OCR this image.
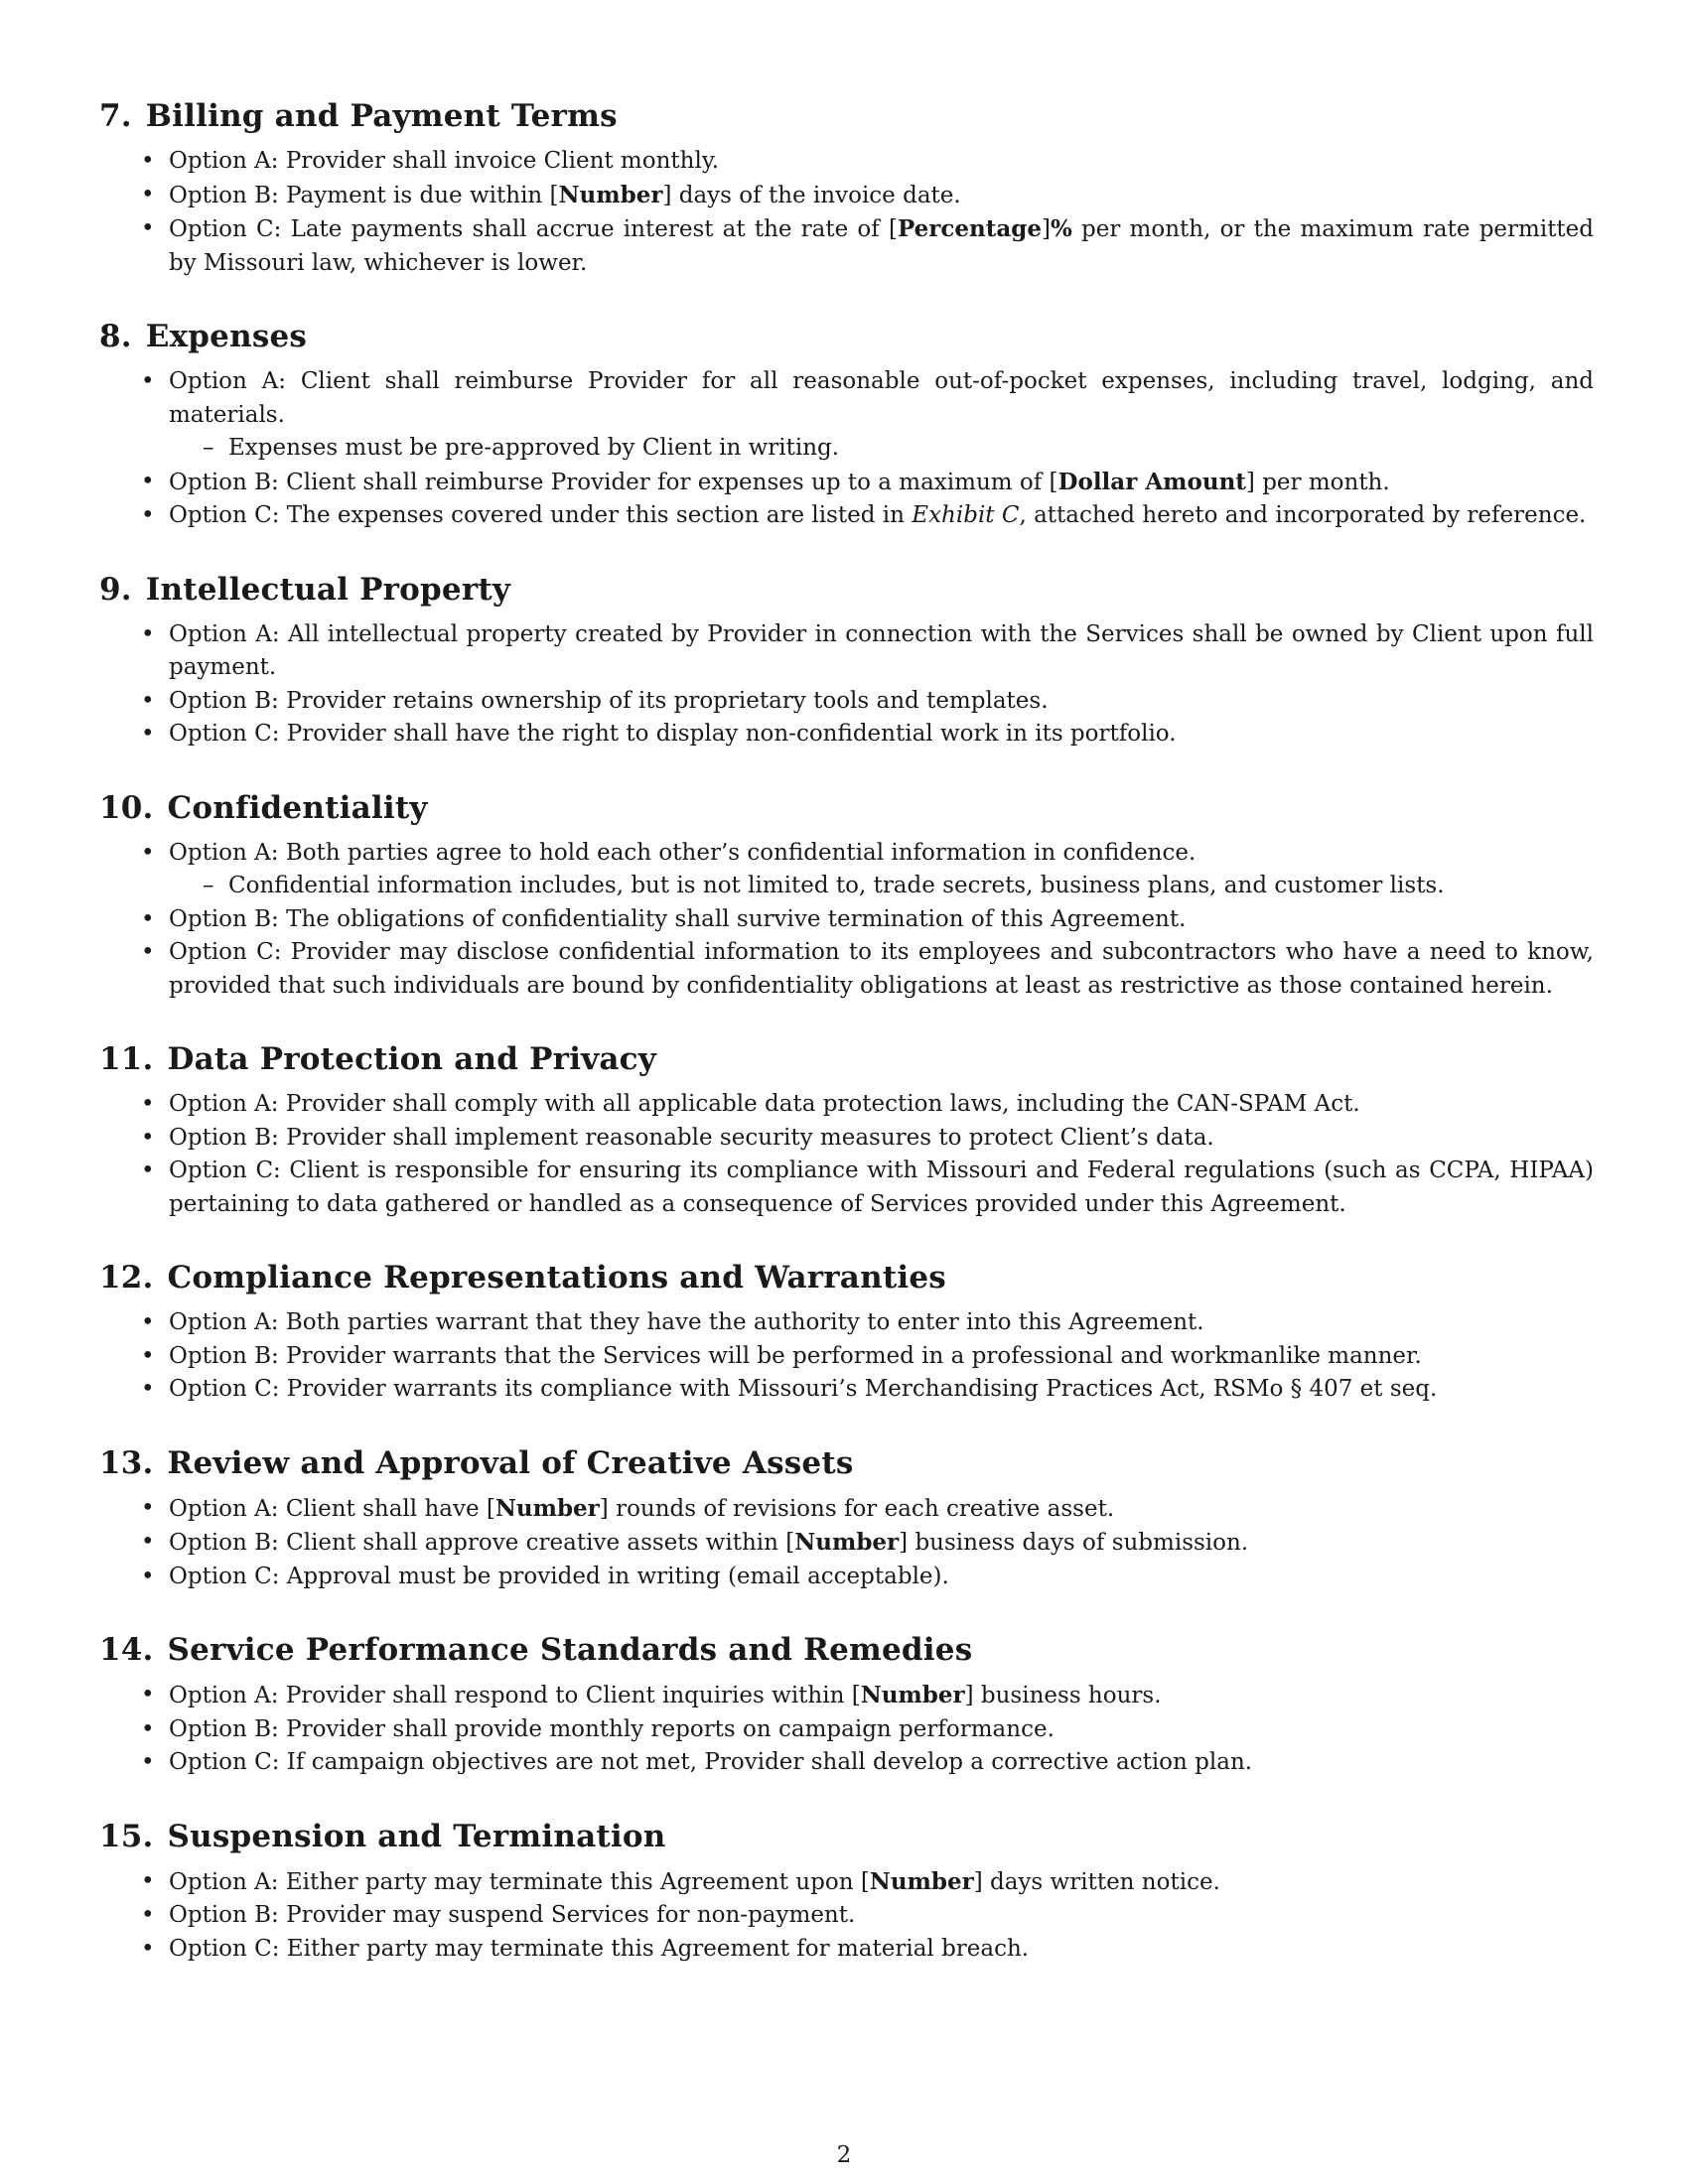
7. Billing and Payment Terms
• Option A: Provider shall invoice Client monthly.
• Option B: Payment is due within [Number] days of the invoice date.
• Option C: Late payments shall accrue interest at the rate of [Percentage]% per month, or the maximum rate permitted by Missouri law, whichever is lower.
8. Expenses
• Option A: Client shall reimburse Provider for all reasonable out-of-pocket expenses, including travel, lodging, and materials.
– Expenses must be pre-approved by Client in writing.
• Option B: Client shall reimburse Provider for expenses up to a maximum of [Dollar Amount] per month.
• Option C: The expenses covered under this section are listed in Exhibit C, attached hereto and incorporated by reference.
9. Intellectual Property
• Option A: All intellectual property created by Provider in connection with the Services shall be owned by Client upon full payment.
• Option B: Provider retains ownership of its proprietary tools and templates.
• Option C: Provider shall have the right to display non-confidential work in its portfolio.
10. Confidentiality
• Option A: Both parties agree to hold each other’s confidential information in confidence.
– Confidential information includes, but is not limited to, trade secrets, business plans, and customer lists.
• Option B: The obligations of confidentiality shall survive termination of this Agreement.
• Option C: Provider may disclose confidential information to its employees and subcontractors who have a need to know, provided that such individuals are bound by confidentiality obligations at least as restrictive as those contained herein.
11. Data Protection and Privacy
• Option A: Provider shall comply with all applicable data protection laws, including the CAN-SPAM Act.
• Option B: Provider shall implement reasonable security measures to protect Client’s data.
• Option C: Client is responsible for ensuring its compliance with Missouri and Federal regulations (such as CCPA, HIPAA) pertaining to data gathered or handled as a consequence of Services provided under this Agreement.
12. Compliance Representations and Warranties
• Option A: Both parties warrant that they have the authority to enter into this Agreement.
• Option B: Provider warrants that the Services will be performed in a professional and workmanlike manner.
• Option C: Provider warrants its compliance with Missouri’s Merchandising Practices Act, RSMo § 407 et seq.
13. Review and Approval of Creative Assets
• Option A: Client shall have [Number] rounds of revisions for each creative asset.
• Option B: Client shall approve creative assets within [Number] business days of submission.
• Option C: Approval must be provided in writing (email acceptable).
14. Service Performance Standards and Remedies
• Option A: Provider shall respond to Client inquiries within [Number] business hours.
• Option B: Provider shall provide monthly reports on campaign performance.
• Option C: If campaign objectives are not met, Provider shall develop a corrective action plan.
15. Suspension and Termination
• Option A: Either party may terminate this Agreement upon [Number] days written notice.
• Option B: Provider may suspend Services for non-payment.
• Option C: Either party may terminate this Agreement for material breach.
2
